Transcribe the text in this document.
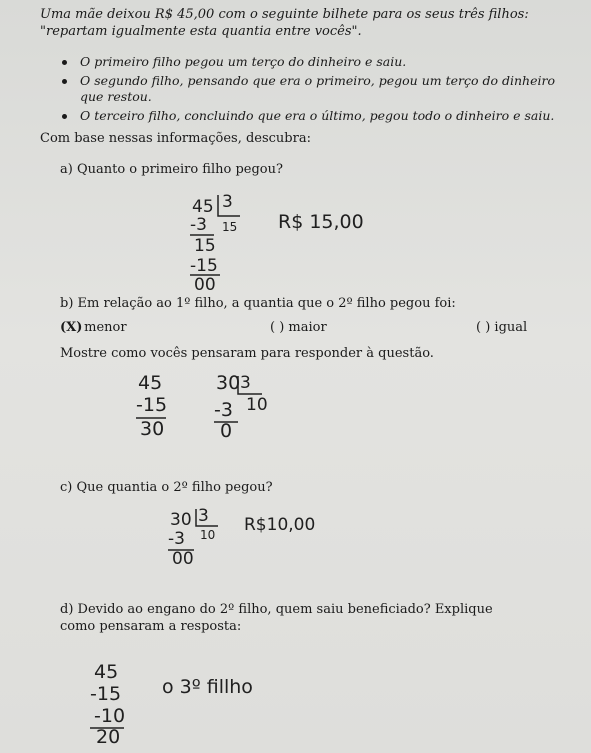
Uma mãe deixou R$ 45,00 com o seguinte bilhete para os seus três filhos: "repartam igualmente esta quantia entre vocês".
O primeiro filho pegou um terço do dinheiro e saiu.
O segundo filho, pensando que era o primeiro, pegou um terço do dinheiro que restou.
O terceiro filho, concluindo que era o último, pegou todo o dinheiro e saiu.
Com base nessas informações, descubra:
a) Quanto o primeiro filho pegou?
45 3
15
-3
15
-15
00
R$ 15,00
b) Em relação ao 1º filho, a quantia que o 2º filho pegou foi:
(X) menor	( ) maior	( ) igual
Mostre como vocês pensaram para responder à questão.
45
-15
30
30 3
10
-3
0
c) Que quantia o 2º filho pegou?
30 3
10
-3
00
R$10,00
d) Devido ao engano do 2º filho, quem saiu beneficiado? Explique como pensaram a resposta:
45
-15
-10
20
o 3º fillho
